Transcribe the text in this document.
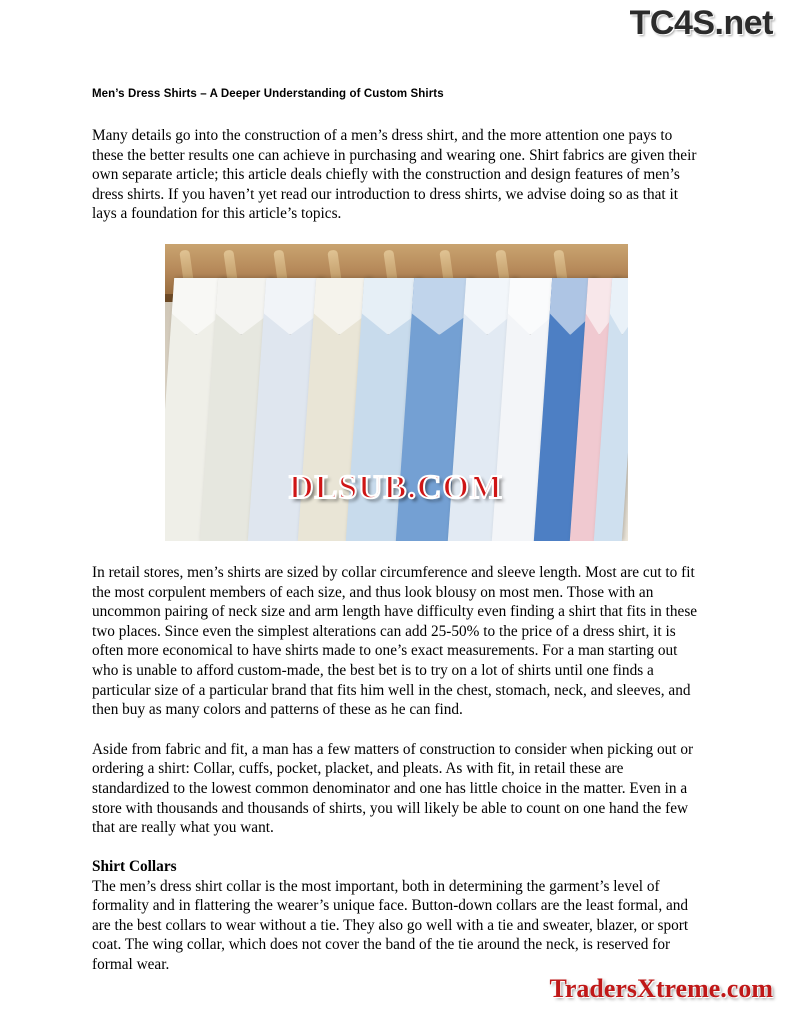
TC4S.net
Men’s Dress Shirts – A Deeper Understanding of Custom Shirts

Many details go into the construction of a men’s dress shirt, and the more attention one pays to these the better results one can achieve in purchasing and wearing one. Shirt fabrics are given their own separate article; this article deals chiefly with the construction and design features of men’s dress shirts. If you haven’t yet read our introduction to dress shirts, we advise doing so as that it lays a foundation for this article’s topics.

DLSUB.COM

In retail stores, men’s shirts are sized by collar circumference and sleeve length. Most are cut to fit the most corpulent members of each size, and thus look blousy on most men. Those with an uncommon pairing of neck size and arm length have difficulty even finding a shirt that fits in these two places. Since even the simplest alterations can add 25-50% to the price of a dress shirt, it is often more economical to have shirts made to one’s exact measurements. For a man starting out who is unable to afford custom-made, the best bet is to try on a lot of shirts until one finds a particular size of a particular brand that fits him well in the chest, stomach, neck, and sleeves, and then buy as many colors and patterns of these as he can find.

Aside from fabric and fit, a man has a few matters of construction to consider when picking out or ordering a shirt: Collar, cuffs, pocket, placket, and pleats. As with fit, in retail these are standardized to the lowest common denominator and one has little choice in the matter. Even in a store with thousands and thousands of shirts, you will likely be able to count on one hand the few that are really what you want.

Shirt Collars

The men’s dress shirt collar is the most important, both in determining the garment’s level of formality and in flattering the wearer’s unique face. Button-down collars are the least formal, and are the best collars to wear without a tie. They also go well with a tie and sweater, blazer, or sport coat. The wing collar, which does not cover the band of the tie around the neck, is reserved for formal wear.

TradersXtreme.com
